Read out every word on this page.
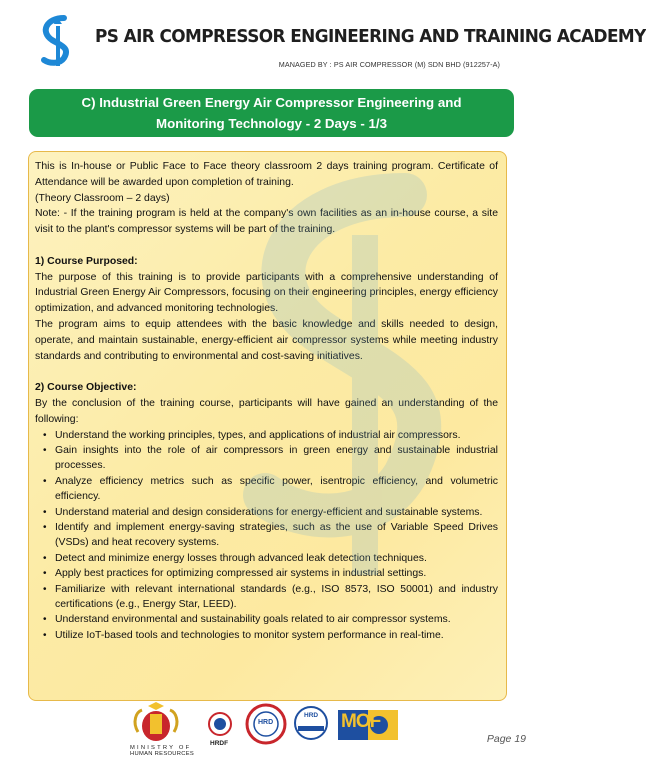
PS AIR COMPRESSOR ENGINEERING AND TRAINING ACADEMY
MANAGED BY : PS AIR COMPRESSOR (M) SDN BHD (912257-A)
C) Industrial Green Energy Air Compressor Engineering and
Monitoring Technology - 2 Days - 1/3

This is In-house or Public Face to Face theory classroom 2 days training program. Certificate of Attendance will be awarded upon completion of training.

(Theory Classroom – 2 days)

Note: - If the training program is held at the company's own facilities as an in-house course, a site visit to the plant's compressor systems will be part of the training.

1) Course Purposed:

The purpose of this training is to provide participants with a comprehensive understanding of Industrial Green Energy Air Compressors, focusing on their engineering principles, energy efficiency optimization, and advanced monitoring technologies.

The program aims to equip attendees with the basic knowledge and skills needed to design, operate, and maintain sustainable, energy-efficient air compressor systems while meeting industry standards and contributing to environmental and cost-saving initiatives.

2) Course Objective:

By the conclusion of the training course, participants will have gained an understanding of the following:

• Understand the working principles, types, and applications of industrial air compressors.
• Gain insights into the role of air compressors in green energy and sustainable industrial processes.
• Analyze efficiency metrics such as specific power, isentropic efficiency, and volumetric efficiency.
• Understand material and design considerations for energy-efficient and sustainable systems.
• Identify and implement energy-saving strategies, such as the use of Variable Speed Drives (VSDs) and heat recovery systems.
• Detect and minimize energy losses through advanced leak detection techniques.
• Apply best practices for optimizing compressed air systems in industrial settings.
• Familiarize with relevant international standards (e.g., ISO 8573, ISO 50001) and industry certifications (e.g., Energy Star, LEED).
• Understand environmental and sustainability goals related to air compressor systems.
• Utilize IoT-based tools and technologies to monitor system performance in real-time.
MINISTRY OF
HUMAN RESOURCES
HRDF
HRD
HRD MOF
Page 19
